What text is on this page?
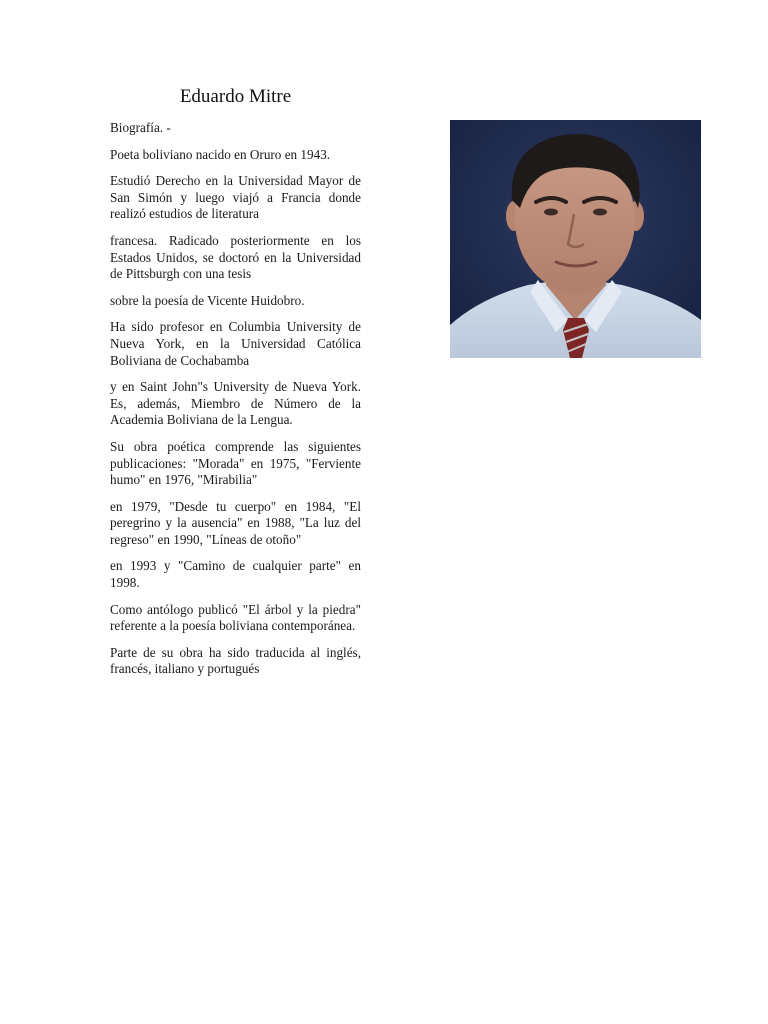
Eduardo Mitre

Biografía. -

Poeta boliviano nacido en Oruro en 1943.

Estudió Derecho en la Universidad Mayor de San Simón y luego viajó a Francia donde realizó estudios de literatura

francesa. Radicado posteriormente en los Estados Unidos, se doctoró en la Universidad de Pittsburgh con una tesis

sobre la poesía de Vicente Huidobro.

Ha sido profesor en Columbia University de Nueva York, en la Universidad Católica Boliviana de Cochabamba

y en Saint John"s University de Nueva York. Es, además, Miembro de Número de la Academia Boliviana de la Lengua.

Su obra poética comprende las siguientes publicaciones: "Morada" en 1975, "Ferviente humo" en 1976, "Mirabilia"

en 1979, "Desde tu cuerpo" en 1984, "El peregrino y la ausencia" en 1988, "La luz del regreso" en 1990, "Líneas de otoño"

en 1993 y "Camino de cualquier parte" en 1998.

Como antólogo publicó "El árbol y la piedra" referente a la poesía boliviana contemporánea.

Parte de su obra ha sido traducida al inglés, francés, italiano y portugués
